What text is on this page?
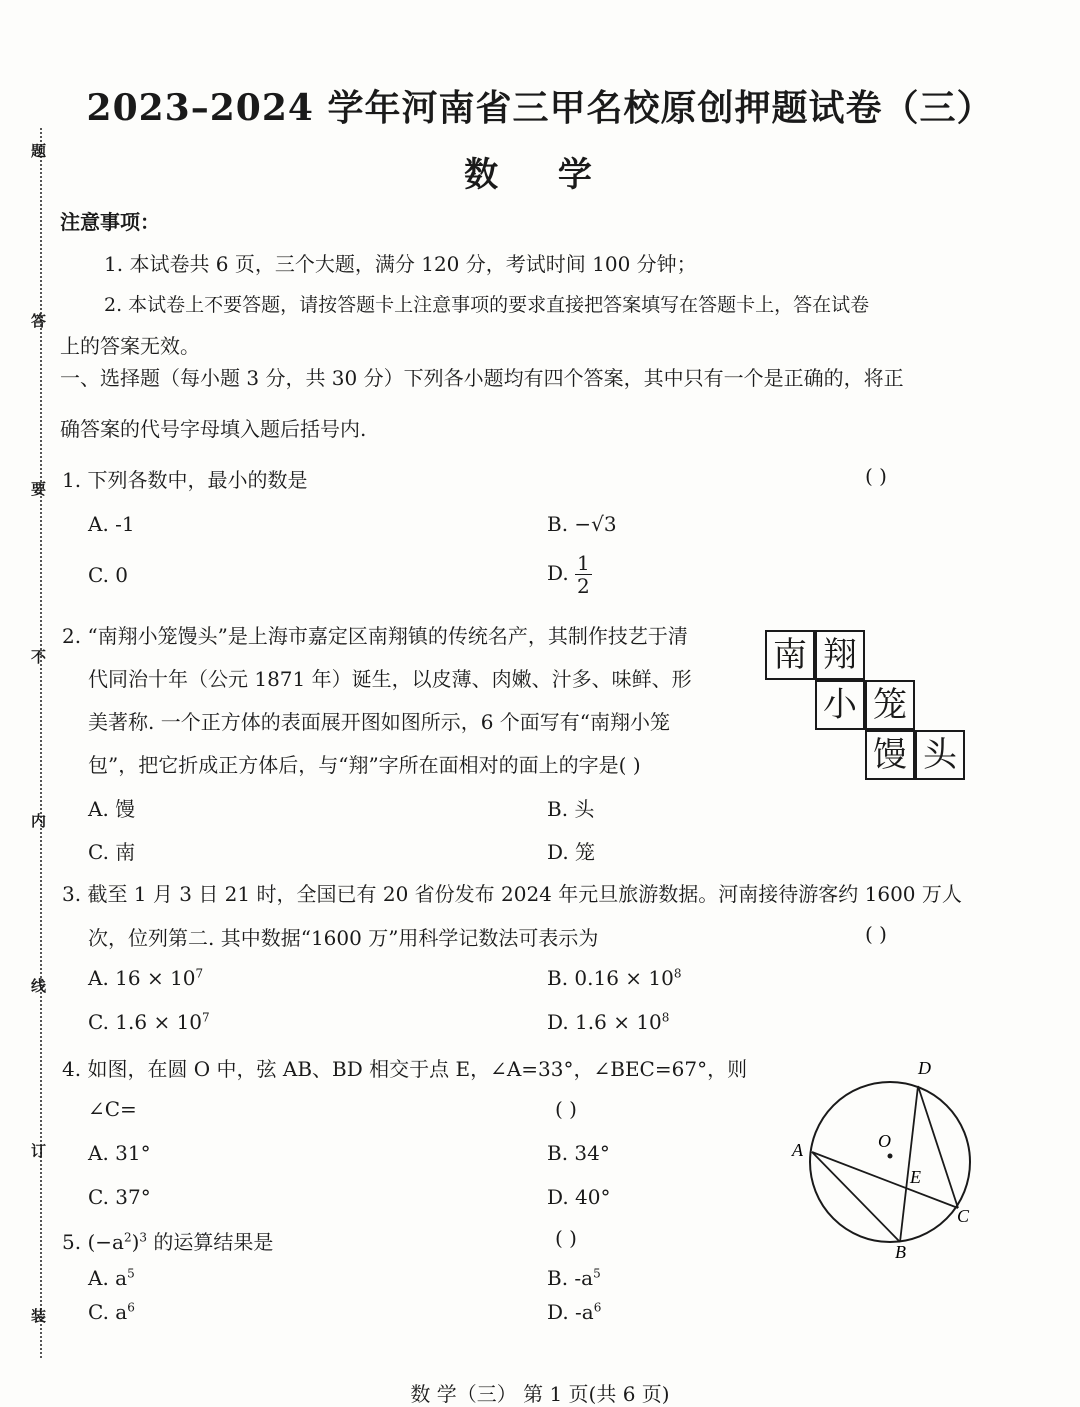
2023–2024 学年河南省三甲名校原创押题试卷（三）
数 学
题
答
要
不
内
线
订
装
注意事项：
1. 本试卷共 6 页，三个大题，满分 120 分，考试时间 100 分钟；
2. 本试卷上不要答题，请按答题卡上注意事项的要求直接把答案填写在答题卡上，答在试卷
上的答案无效。
一、选择题（每小题 3 分，共 30 分）下列各小题均有四个答案，其中只有一个是正确的，将正
确答案的代号字母填入题后括号内.
1. 下列各数中，最小的数是	( )
A. -1	B. −√3
C. 0	D. $\frac{1}{2}$
2. “南翔小笼馒头”是上海市嘉定区南翔镇的传统名产，其制作技艺于清
代同治十年（公元 1871 年）诞生，以皮薄、肉嫩、汁多、味鲜、形
美著称. 一个正方体的表面展开图如图所示，6 个面写有“南翔小笼
包”，把它折成正方体后，与“翔”字所在面相对的面上的字是( )
A. 馒	B. 头
C. 南	D. 笼
南 翔
小 笼
馒 头
3. 截至 1 月 3 日 21 时，全国已有 20 省份发布 2024 年元旦旅游数据。河南接待游客约 1600 万人
次，位列第二. 其中数据“1600 万”用科学记数法可表示为	( )
A. $16 \times 10^7$	B. $0.16 \times 10^8$
C. $1.6 \times 10^7$	D. $1.6 \times 10^8$
4. 如图，在圆 O 中，弦 AB、BD 相交于点 E，∠A=33°，∠BEC=67°，则
∠C=	( )
A. 31°	B. 34°
C. 37°	D. 40°
A
B
C
D
E
O
5. $(-a^2)^3$ 的运算结果是	( )
A. $a^5$	B. $-a^5$
C. $a^6$	D. $-a^6$
数 学（三） 第 1 页(共 6 页)
